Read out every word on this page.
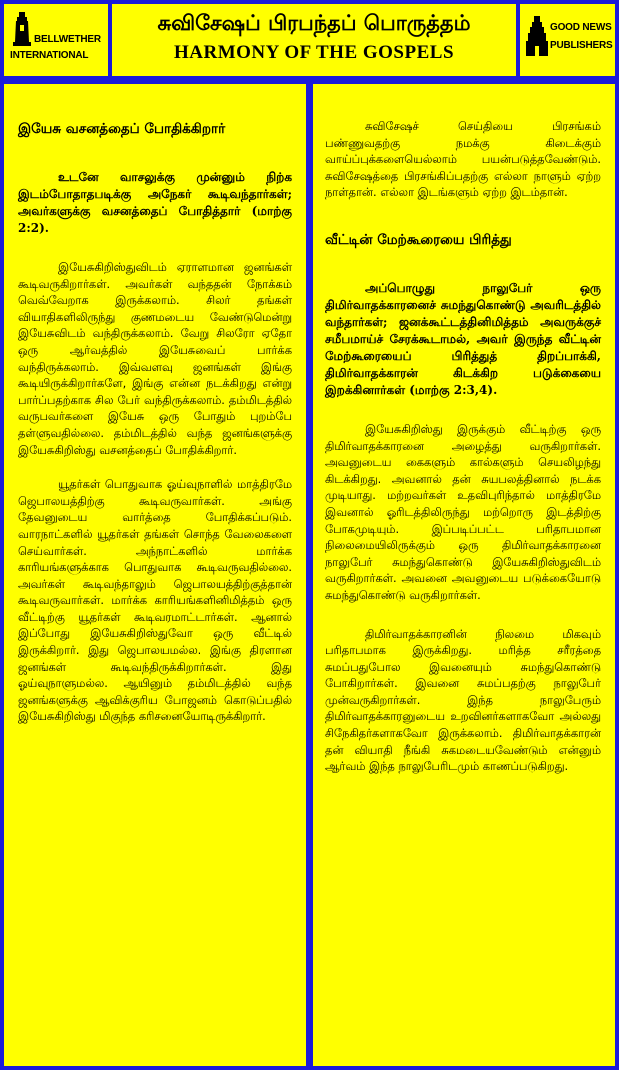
BELLWETHER
INTERNATIONAL
சுவிசேஷப் பிரபந்தப் பொருத்தம்
HARMONY OF THE GOSPELS
GOOD NEWS
PUBLISHERS
இயேசு வசனத்தைப் போதிக்கிறார்
உடனே வாசலுக்கு முன்னும் நிற்க இடம்போதாதபடிக்கு அநேகர் கூடிவந்தார்கள்; அவர்களுக்கு வசனத்தைப் போதித்தார் (மாற்கு 2:2).
இயேசுகிறிஸ்துவிடம் ஏராளமான ஜனங்கள் கூடிவருகிறார்கள். அவர்கள் வந்ததன் நோக்கம் வெவ்வேறாக இருக்கலாம். சிலர் தங்கள் வியாதிகளிலிருந்து குணமடைய வேண்டுமென்று இயேசுவிடம் வந்திருக்கலாம். வேறு சிலரோ ஏதோ ஒரு ஆர்வத்தில் இயேசுவைப் பார்க்க வந்திருக்கலாம். இவ்வளவு ஜனங்கள் இங்கு கூடியிருக்கிறார்களே, இங்கு என்ன நடக்கிறது என்று பார்ப்பதற்காக சில பேர் வந்திருக்கலாம். தம்மிடத்தில் வருபவர்களை இயேசு ஒரு போதும் புறம்பே தள்ளுவதில்லை. தம்மிடத்தில் வந்த ஜனங்களுக்கு இயேசுகிறிஸ்து வசனத்தைப் போதிக்கிறார்.
யூதர்கள் பொதுவாக ஓய்வுநாளில் மாத்திரமே ஜெபாலயத்திற்கு கூடிவருவார்கள். அங்கு தேவனுடைய வார்த்தை போதிக்கப்படும். வாரநாட்களில் யூதர்கள் தங்கள் சொந்த வேலைகளை செய்வார்கள். அந்நாட்களில் மார்க்க காரியங்களுக்காக பொதுவாக கூடிவருவதில்லை. அவர்கள் கூடிவந்தாலும் ஜெபாலயத்திற்குத்தான் கூடிவருவார்கள். மார்க்க காரியங்களினிமித்தம் ஒரு வீட்டிற்கு யூதர்கள் கூடிவரமாட்டார்கள். ஆனால் இப்போது இயேசுகிறிஸ்துவோ ஒரு வீட்டில் இருக்கிறார். இது ஜெபாலயமல்ல. இங்கு திரளான ஜனங்கள் கூடிவந்திருக்கிறார்கள். இது ஓய்வுநாளுமல்ல. ஆயினும் தம்மிடத்தில் வந்த ஜனங்களுக்கு ஆவிக்குரிய போஜனம் கொடுப்பதில் இயேசுகிறிஸ்து மிகுந்த கரிசனையோடிருக்கிறார்.
சுவிசேஷச் செய்தியை பிரசங்கம் பண்ணுவதற்கு நமக்கு கிடைக்கும் வாய்ப்புக்களையெல்லாம் பயன்படுத்தவேண்டும். சுவிசேஷத்தை பிரசங்கிப்பதற்கு எல்லா நாளும் ஏற்ற நாள்தான். எல்லா இடங்களும் ஏற்ற இடம்தான்.
வீட்டின் மேற்கூரையை பிரித்து
அப்பொழுது நாலுபேர் ஒரு திமிர்வாதக்காரனைச் சுமந்துகொண்டு அவரிடத்தில் வந்தார்கள்; ஜனக்கூட்டத்தினிமித்தம் அவருக்குச் சமீபமாய்ச் சேரக்கூடாமல், அவர் இருந்த வீட்டின் மேற்கூரையைப் பிரித்துத் திறப்பாக்கி, திமிர்வாதக்காரன் கிடக்கிற படுக்கையை இறக்கினார்கள் (மாற்கு 2:3,4).
இயேசுகிறிஸ்து இருக்கும் வீட்டிற்கு ஒரு திமிர்வாதக்காரனை அழைத்து வருகிறார்கள். அவனுடைய கைகளும் கால்களும் செயலிழந்து கிடக்கிறது. அவனால் தன் சுயபலத்தினால் நடக்க முடியாது. மற்றவர்கள் உதவிபுரிந்தால் மாத்திரமே இவனால் ஓரிடத்திலிருந்து மற்றொரு இடத்திற்கு போகமுடியும். இப்படிப்பட்ட பரிதாபமான நிலைமையிலிருக்கும் ஒரு திமிர்வாதக்காரனை நாலுபேர் சுமந்துகொண்டு இயேசுகிறிஸ்துவிடம் வருகிறார்கள். அவனை அவனுடைய படுக்கையோடு சுமந்துகொண்டு வருகிறார்கள்.
திமிர்வாதக்காரனின் நிலமை மிகவும் பரிதாபமாக இருக்கிறது. மரித்த சரீரத்தை சுமப்பதுபோல இவனையும் சுமந்துகொண்டு போகிறார்கள். இவனை சுமப்பதற்கு நாலுபேர் முன்வருகிறார்கள். இந்த நாலுபேரும் திமிர்வாதக்காரனுடைய உறவினர்களாகவோ அல்லது சிநேகிதர்களாகவோ இருக்கலாம். திமிர்வாதக்காரன் தன் வியாதி நீங்கி சுகமடையவேண்டும் என்னும் ஆர்வம் இந்த நாலுபேரிடமும் காணப்படுகிறது.
